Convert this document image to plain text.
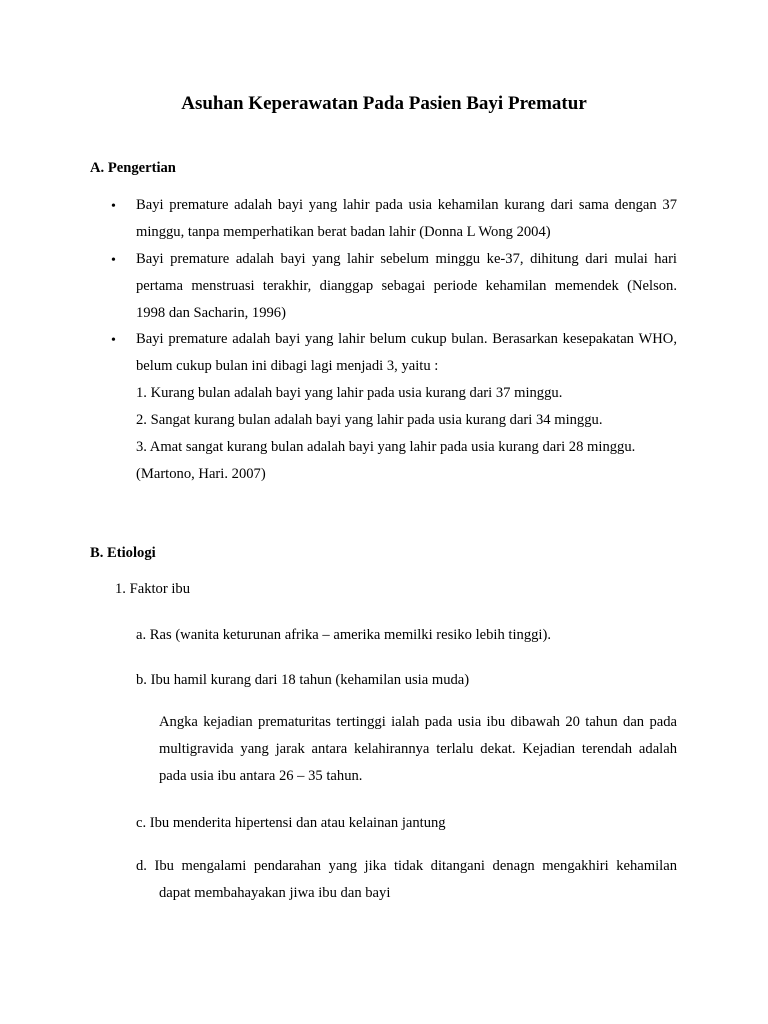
Asuhan Keperawatan Pada Pasien Bayi Prematur
A. Pengertian
•
Bayi premature adalah bayi yang lahir pada usia kehamilan kurang dari sama dengan 37
minggu, tanpa memperhatikan berat badan lahir (Donna L Wong 2004)
•
Bayi premature adalah bayi yang lahir sebelum minggu ke-37, dihitung dari mulai hari
pertama menstruasi terakhir, dianggap sebagai periode kehamilan memendek (Nelson.
1998 dan Sacharin, 1996)
•
Bayi premature adalah bayi yang lahir belum cukup bulan. Berasarkan kesepakatan WHO,
belum cukup bulan ini dibagi lagi menjadi 3, yaitu :
1. Kurang bulan adalah bayi yang lahir pada usia kurang dari 37 minggu.
2. Sangat kurang bulan adalah bayi yang lahir pada usia kurang dari 34 minggu.
3. Amat sangat kurang bulan adalah bayi yang lahir pada usia kurang dari 28 minggu.
(Martono, Hari. 2007)
B. Etiologi
1. Faktor ibu
a. Ras (wanita keturunan afrika – amerika memilki resiko lebih tinggi).
b. Ibu hamil kurang dari 18 tahun (kehamilan usia muda)
Angka kejadian prematuritas tertinggi ialah pada usia ibu dibawah 20 tahun dan pada
multigravida yang jarak antara kelahirannya terlalu dekat. Kejadian terendah adalah
pada usia ibu antara 26 – 35 tahun.
c. Ibu menderita hipertensi dan atau kelainan jantung
d. Ibu mengalami pendarahan yang jika tidak ditangani denagn mengakhiri kehamilan
dapat membahayakan jiwa ibu dan bayi
